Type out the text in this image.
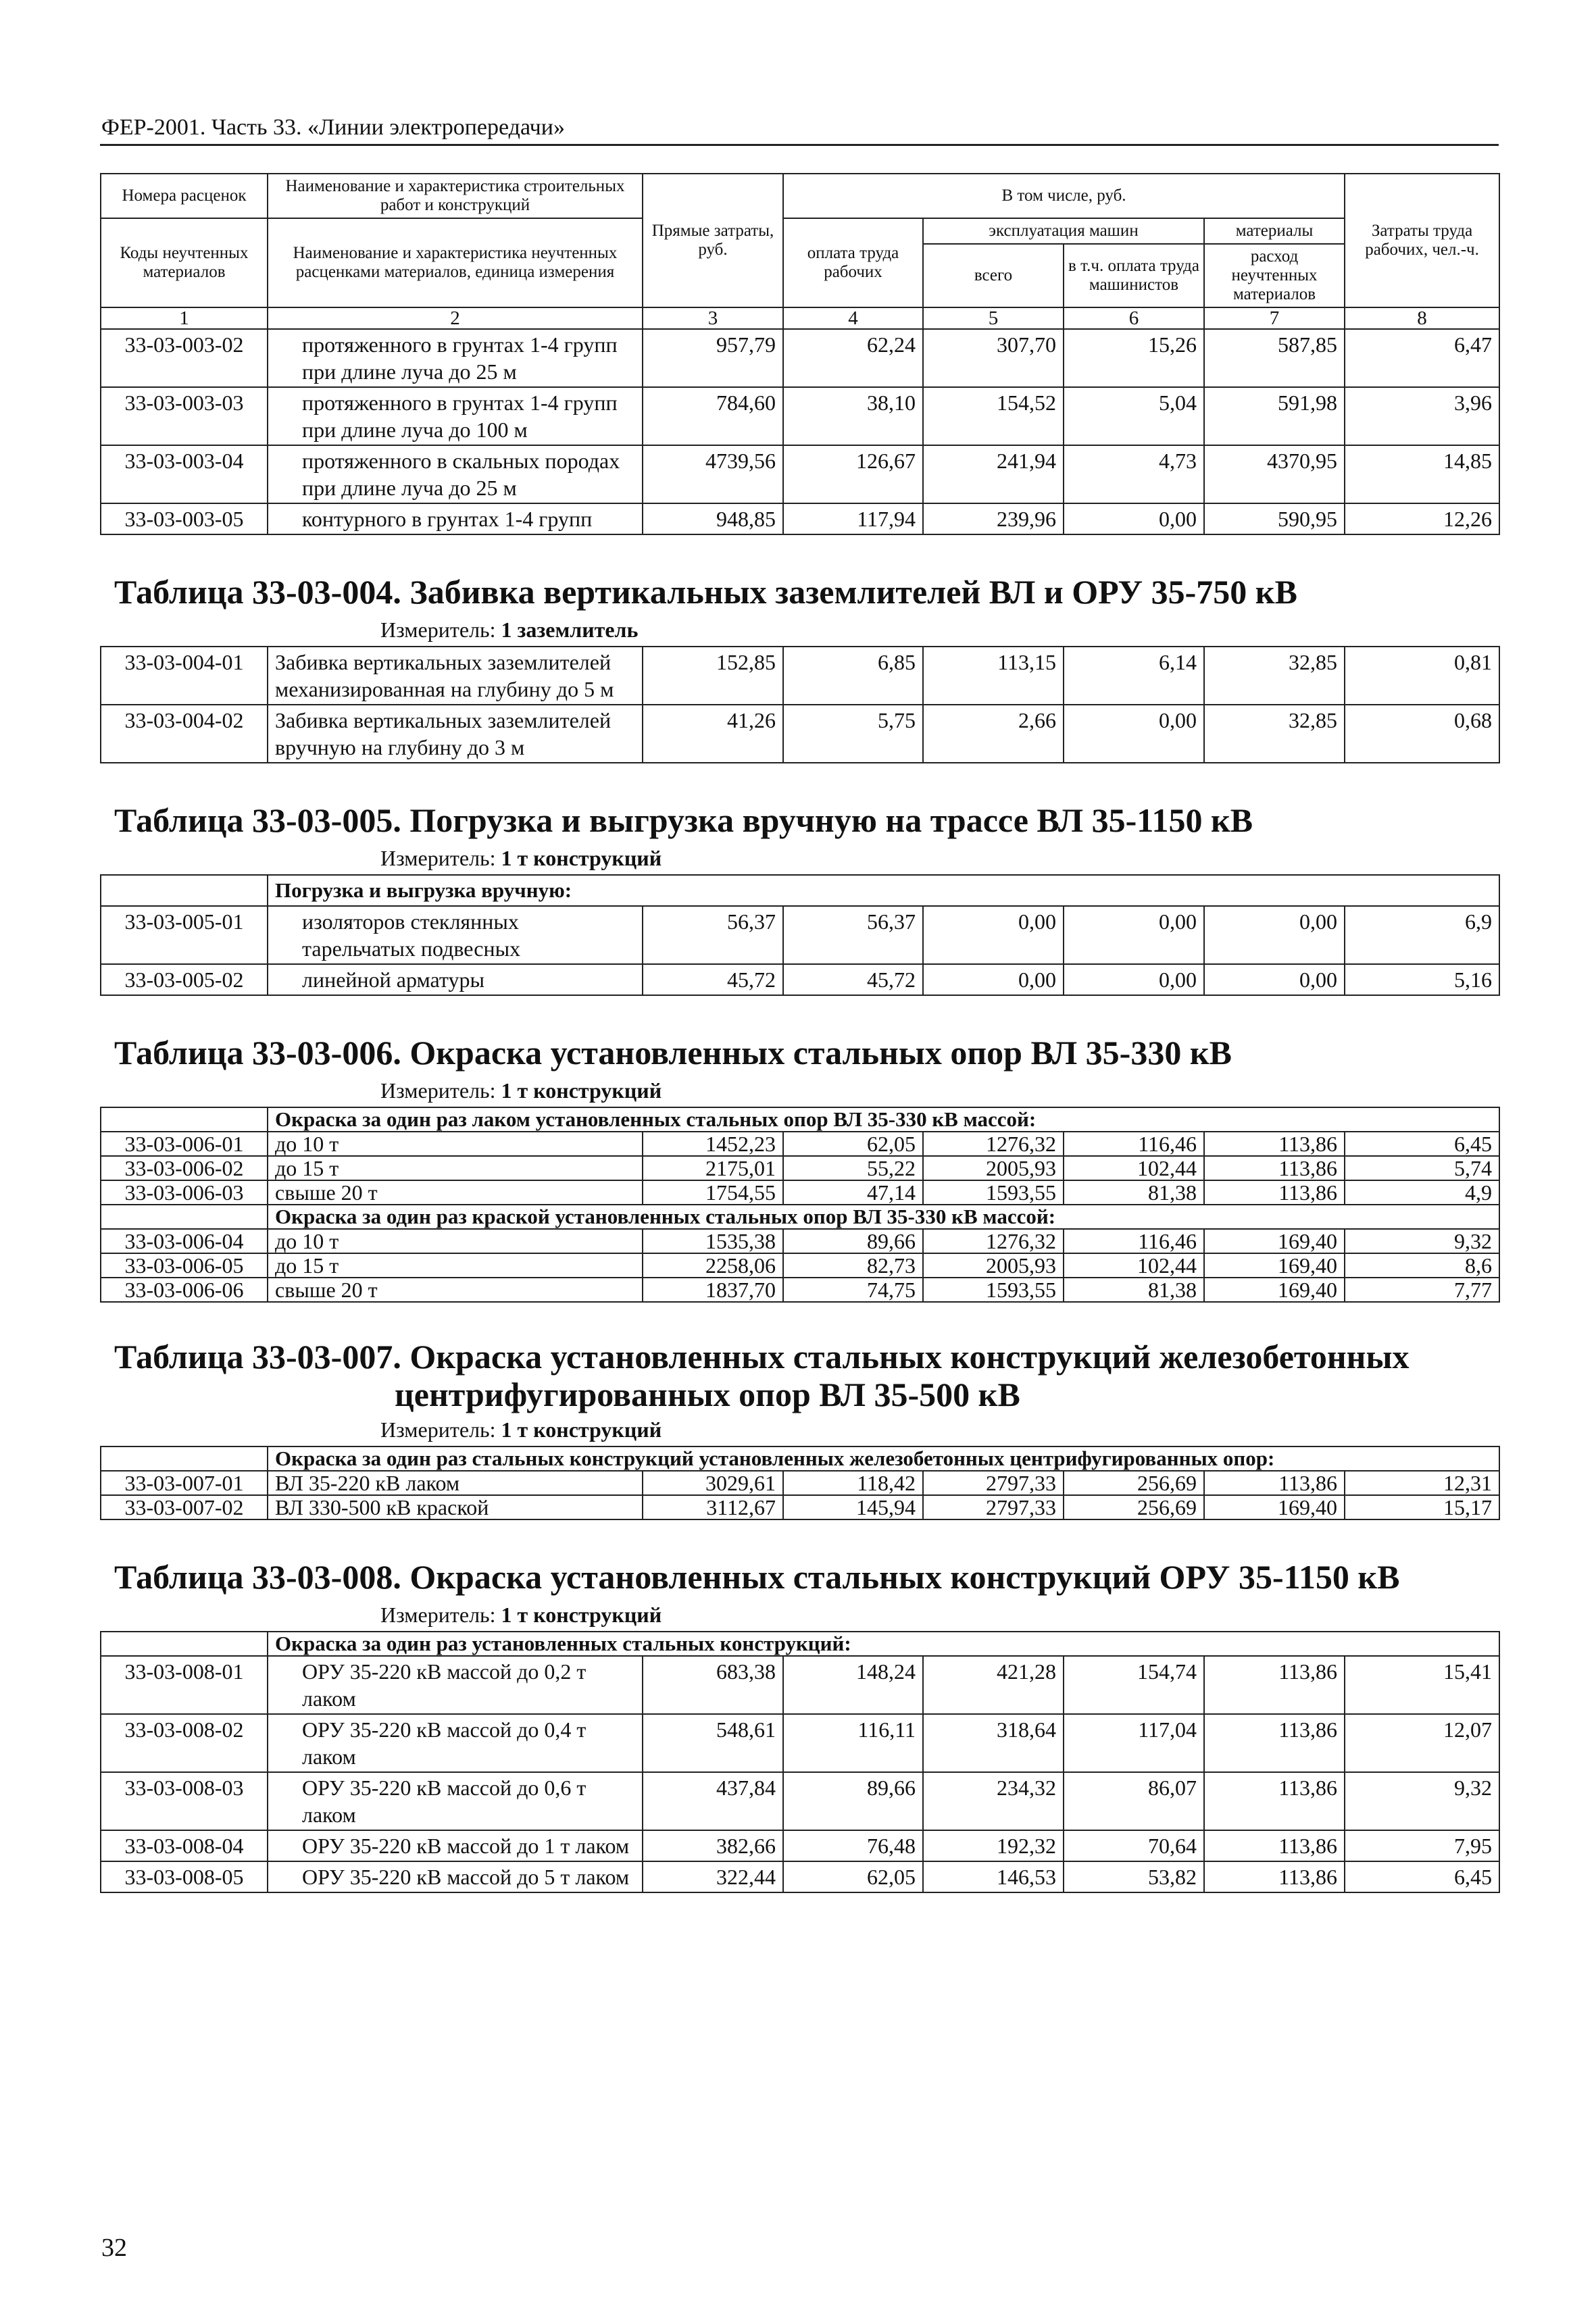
ФЕР-2001. Часть 33. «Линии электропередачи»
Номера расценок	Наименование и характеристика строительных работ и конструкций	Прямые затраты, руб.	В том числе, руб.				Затраты труда рабочих, чел.-ч.
Коды неучтенных материалов	Наименование и характеристика неучтенных расценками материалов, единица измерения		оплата труда рабочих	эксплуатация машин		материалы	
				всего	в т.ч. оплата труда машинистов	расход неучтенных материалов	
1	2	3	4	5	6	7	8
33-03-003-02	протяженного в грунтах 1-4 групп при длине луча до 25 м	957,79	62,24	307,70	15,26	587,85	6,47
33-03-003-03	протяженного в грунтах 1-4 групп при длине луча до 100 м	784,60	38,10	154,52	5,04	591,98	3,96
33-03-003-04	протяженного в скальных породах при длине луча до 25 м	4739,56	126,67	241,94	4,73	4370,95	14,85
33-03-003-05	контурного в грунтах 1-4 групп	948,85	117,94	239,96	0,00	590,95	12,26

Таблица 33-03-004. Забивка вертикальных заземлителей ВЛ и ОРУ 35-750 кВ							
Измеритель: 1 заземлитель							
33-03-004-01	Забивка вертикальных заземлителей механизированная на глубину до 5 м	152,85	6,85	113,15	6,14	32,85	0,81
33-03-004-02	Забивка вертикальных заземлителей вручную на глубину до 3 м	41,26	5,75	2,66	0,00	32,85	0,68

Таблица 33-03-005. Погрузка и выгрузка вручную на трассе ВЛ 35-1150 кВ							
Измеритель: 1 т конструкций							
	Погрузка и выгрузка вручную:						
33-03-005-01	изоляторов стеклянных тарельчатых подвесных	56,37	56,37	0,00	0,00	0,00	6,9
33-03-005-02	линейной арматуры	45,72	45,72	0,00	0,00	0,00	5,16

Таблица 33-03-006. Окраска установленных стальных опор ВЛ 35-330 кВ							
Измеритель: 1 т конструкций							
	Окраска за один раз лаком установленных стальных опор ВЛ 35-330 кВ массой:						
33-03-006-01	до 10 т	1452,23	62,05	1276,32	116,46	113,86	6,45
33-03-006-02	до 15 т	2175,01	55,22	2005,93	102,44	113,86	5,74
33-03-006-03	свыше 20 т	1754,55	47,14	1593,55	81,38	113,86	4,9
	Окраска за один раз краской установленных стальных опор ВЛ 35-330 кВ массой:						
33-03-006-04	до 10 т	1535,38	89,66	1276,32	116,46	169,40	9,32
33-03-006-05	до 15 т	2258,06	82,73	2005,93	102,44	169,40	8,6
33-03-006-06	свыше 20 т	1837,70	74,75	1593,55	81,38	169,40	7,77

Таблица 33-03-007. Окраска установленных стальных конструкций железобетонных
центрифугированных опор ВЛ 35-500 кВ							
Измеритель: 1 т конструкций							
	Окраска за один раз стальных конструкций установленных железобетонных центрифугированных опор:						
33-03-007-01	ВЛ 35-220 кВ лаком	3029,61	118,42	2797,33	256,69	113,86	12,31
33-03-007-02	ВЛ 330-500 кВ краской	3112,67	145,94	2797,33	256,69	169,40	15,17

Таблица 33-03-008. Окраска установленных стальных конструкций ОРУ 35-1150 кВ							
Измеритель: 1 т конструкций							
	Окраска за один раз установленных стальных конструкций:						
33-03-008-01	ОРУ 35-220 кВ массой до 0,2 т лаком	683,38	148,24	421,28	154,74	113,86	15,41
33-03-008-02	ОРУ 35-220 кВ массой до 0,4 т лаком	548,61	116,11	318,64	117,04	113,86	12,07
33-03-008-03	ОРУ 35-220 кВ массой до 0,6 т лаком	437,84	89,66	234,32	86,07	113,86	9,32
33-03-008-04	ОРУ 35-220 кВ массой до 1 т лаком	382,66	76,48	192,32	70,64	113,86	7,95
33-03-008-05	ОРУ 35-220 кВ массой до 5 т лаком	322,44	62,05	146,53	53,82	113,86	6,45
32
